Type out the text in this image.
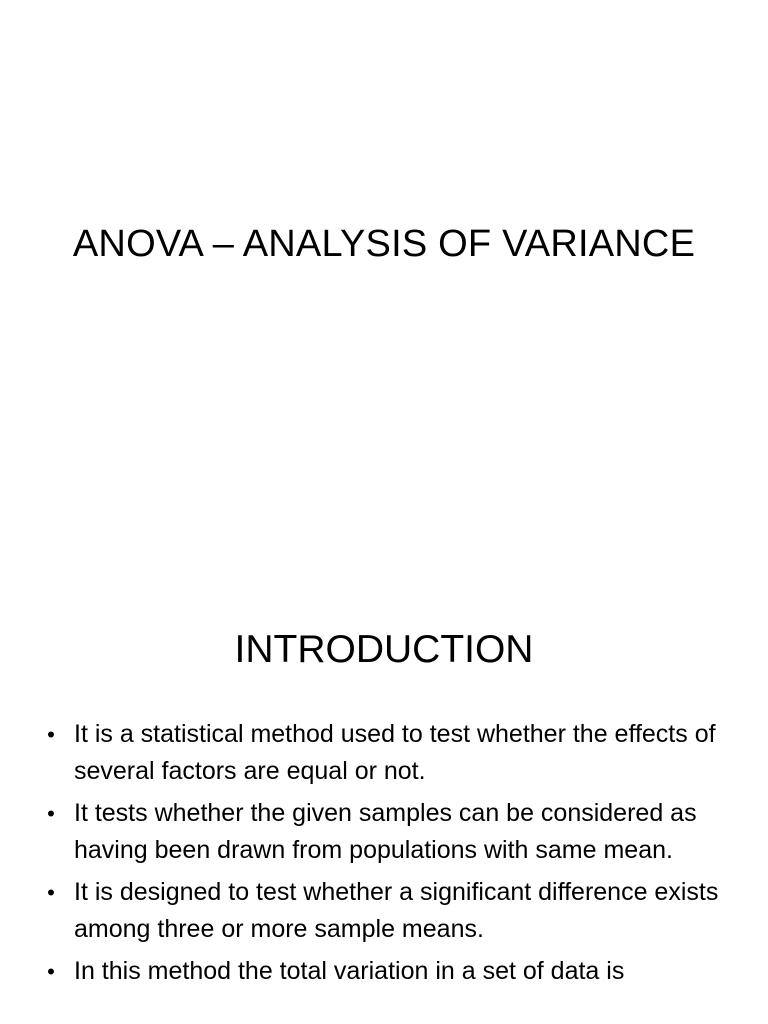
ANOVA – ANALYSIS OF VARIANCE
INTRODUCTION
• It is a statistical method used to test whether the effects of several factors are equal or not.
• It tests whether the given samples can be considered as having been drawn from populations with same mean.
• It is designed to test whether a significant difference exists among three or more sample means.
• In this method the total variation in a set of data is
